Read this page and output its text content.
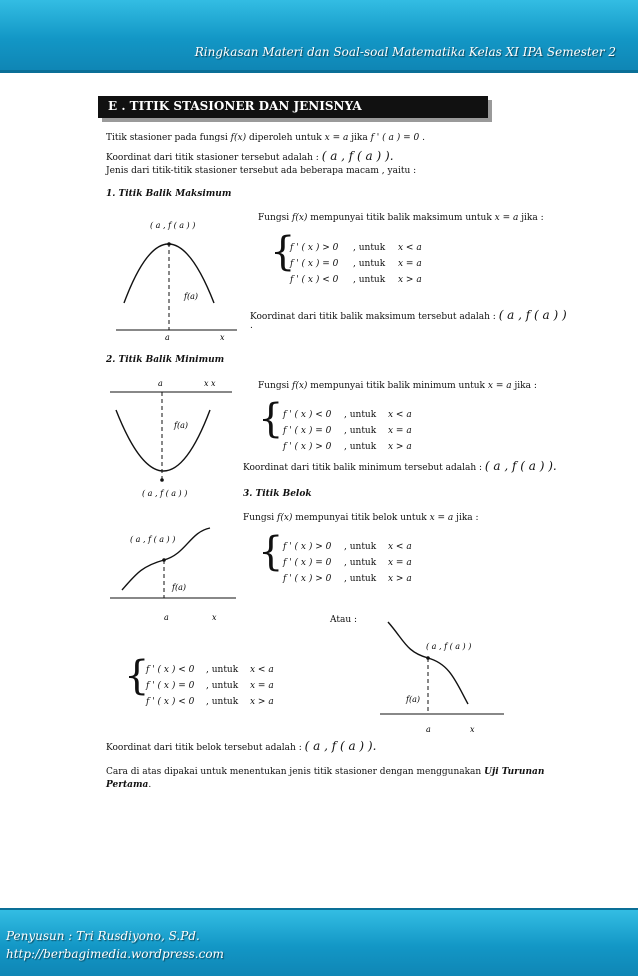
Ringkasan Materi dan Soal-soal Matematika Kelas XI IPA Semester 2
E . TITIK STASIONER DAN JENISNYA
Titik stasioner pada fungsi f(x) diperoleh untuk x = a jika f ' ( a ) = 0 .
Koordinat dari titik stasioner tersebut adalah : ( a , f ( a ) ).
Jenis dari titik-titik stasioner tersebut ada beberapa macam , yaitu :
1. Titik Balik Maksimum
( a , f ( a ) )
f(a)
a	x
Fungsi f(x) mempunyai titik balik maksimum untuk x = a jika :
{
f ' ( x ) > 0 , untuk x < a
f ' ( x ) = 0 , untuk x = a
f ' ( x ) < 0 , untuk x > a
Koordinat dari titik balik maksimum tersebut adalah : ( a , f ( a ) )
.
2. Titik Balik Minimum
a	x x
f(a)
( a , f ( a ) )
Fungsi f(x) mempunyai titik balik minimum untuk x = a jika :
{ f ' ( x ) < 0 , untuk x < a
f ' ( x ) = 0 , untuk x = a
f ' ( x ) > 0 , untuk x > a
Koordinat dari titik balik minimum tersebut adalah : ( a , f ( a ) ).
3. Titik Belok
Fungsi f(x) mempunyai titik belok untuk x = a jika :
( a , f ( a ) )
f(a)
a	x
{ f ' ( x ) > 0 , untuk x < a
f ' ( x ) = 0 , untuk x = a
f ' ( x ) > 0 , untuk x > a
Atau :
( a , f ( a ) )
f(a)
a	x
{
f ' ( x ) < 0 , untuk x < a
f ' ( x ) = 0 , untuk x = a
f ' ( x ) < 0 , untuk x > a
Koordinat dari titik belok tersebut adalah : ( a , f ( a ) ).
Cara di atas dipakai untuk menentukan jenis titik stasioner dengan menggunakan Uji Turunan
Pertama.
Penyusun : Tri Rusdiyono, S.Pd.
http://berbagimedia.wordpress.com
